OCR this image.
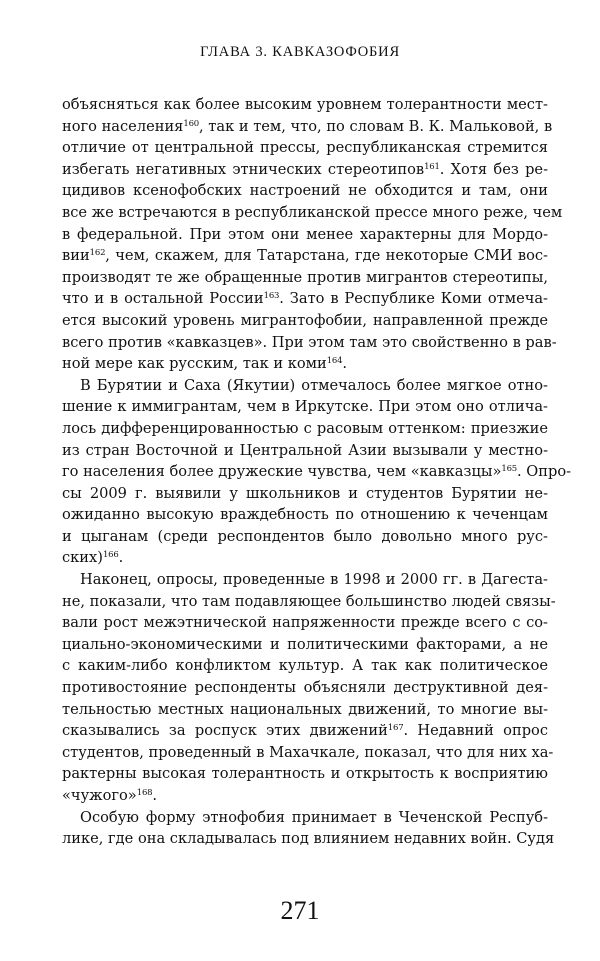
ГЛАВА 3. КАВКАЗОФОБИЯ
объясняться как более высоким уровнем толерантности мест-
ного населения$^{160}$, так и тем, что, по словам В. К. Мальковой, в
отличие от центральной прессы, республиканская стремится
избегать негативных этнических стереотипов$^{161}$. Хотя без ре-
цидивов ксенофобских настроений не обходится и там, они
все же встречаются в республиканской прессе много реже, чем
в федеральной. При этом они менее характерны для Мордо-
вии$^{162}$, чем, скажем, для Татарстана, где некоторые СМИ вос-
производят те же обращенные против мигрантов стереотипы,
что и в остальной России$^{163}$. Зато в Республике Коми отмеча-
ется высокий уровень мигрантофобии, направленной прежде
всего против «кавказцев». При этом там это свойственно в рав-
ной мере как русским, так и коми$^{164}$.
В Бурятии и Саха (Якутии) отмечалось более мягкое отно-
шение к иммигрантам, чем в Иркутске. При этом оно отлича-
лось дифференцированностью с расовым оттенком: приезжие
из стран Восточной и Центральной Азии вызывали у местно-
го населения более дружеские чувства, чем «кавказцы»$^{165}$. Опро-
сы 2009 г. выявили у школьников и студентов Бурятии не-
ожиданно высокую враждебность по отношению к чеченцам
и цыганам (среди респондентов было довольно много рус-
ских)$^{166}$.
Наконец, опросы, проведенные в 1998 и 2000 гг. в Дагеста-
не, показали, что там подавляющее большинство людей связы-
вали рост межэтнической напряженности прежде всего с со-
циально-экономическими и политическими факторами, а не
с каким-либо конфликтом культур. А так как политическое
противостояние респонденты объясняли деструктивной дея-
тельностью местных национальных движений, то многие вы-
сказывались за роспуск этих движений$^{167}$. Недавний опрос
студентов, проведенный в Махачкале, показал, что для них ха-
рактерны высокая толерантность и открытость к восприятию
«чужого»$^{168}$.
Особую форму этнофобия принимает в Чеченской Респуб-
лике, где она складывалась под влиянием недавних войн. Судя
271
